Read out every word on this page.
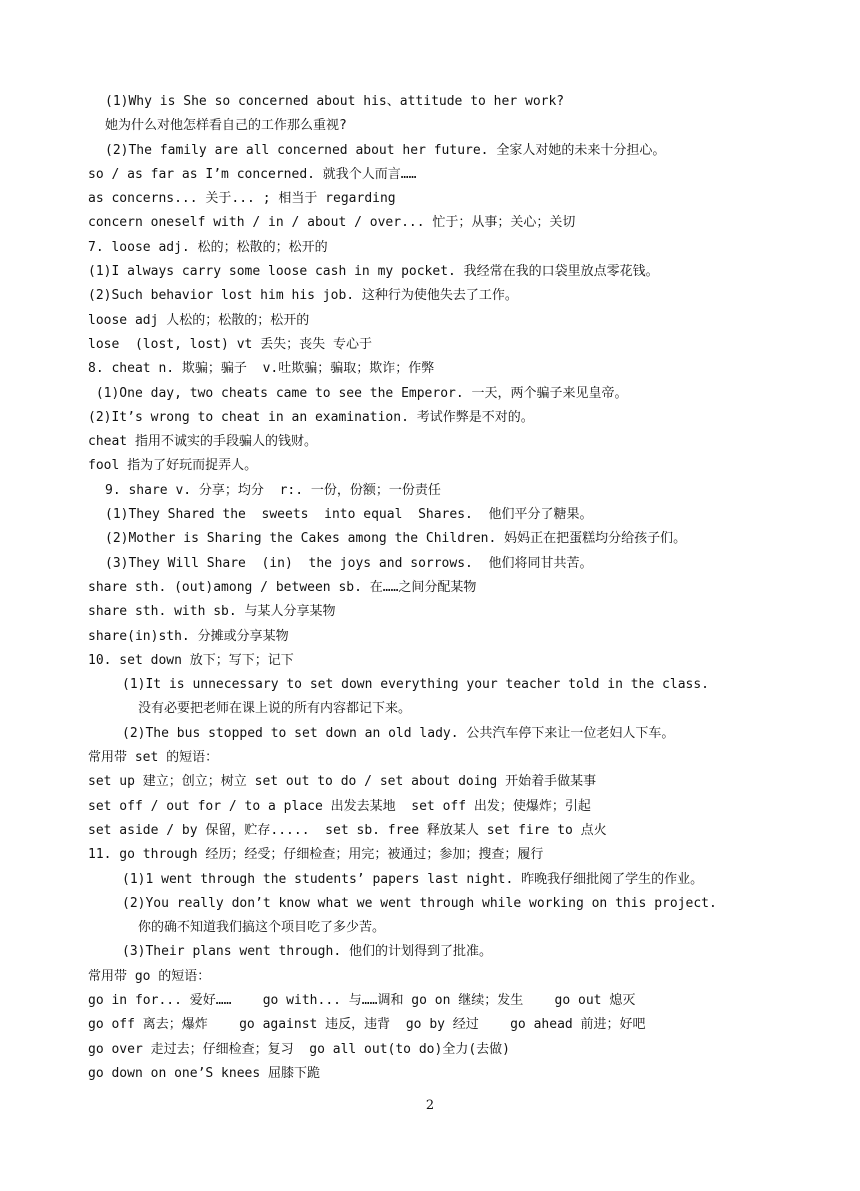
(1)Why is She so concerned about his、attitude to her work?
她为什么对他怎样看自己的工作那么重视?
(2)The family are all concerned about her future. 全家人对她的未来十分担心。
so / as far as I’m concerned. 就我个人而言……
as concerns... 关于... ; 相当于 regarding
concern oneself with / in / about / over... 忙于；从事；关心；关切
7. loose adj. 松的；松散的；松开的
(1)I always carry some loose cash in my pocket. 我经常在我的口袋里放点零花钱。
(2)Such behavior lost him his job. 这种行为使他失去了工作。
loose adj 人松的；松散的；松开的
lose  (lost, lost) vt 丢失；丧失 专心于
8. cheat n. 欺骗；骗子  v.吐欺骗；骗取；欺诈；作弊
(1)One day, two cheats came to see the Emperor. 一天，两个骗子来见皇帝。
(2)It’s wrong to cheat in an examination. 考试作弊是不对的。
cheat 指用不诚实的手段骗人的钱财。
fool 指为了好玩而捉弄人。
9. share v. 分享；均分  r:. 一份，份额；一份责任
(1)They Shared the  sweets  into equal  Shares.  他们平分了糖果。
(2)Mother is Sharing the Cakes among the Children. 妈妈正在把蛋糕均分给孩子们。
(3)They Will Share  (in)  the joys and sorrows.  他们将同甘共苦。
share sth. (out)among / between sb. 在……之间分配某物
share sth. with sb. 与某人分享某物
share(in)sth. 分摊或分享某物
10. set down 放下；写下；记下
(1)It is unnecessary to set down everything your teacher told in the class.
没有必要把老师在课上说的所有内容都记下来。
(2)The bus stopped to set down an old lady. 公共汽车停下来让一位老妇人下车。
常用带 set 的短语：
set up 建立；创立；树立 set out to do / set about doing 开始着手做某事
set off / out for / to a place 出发去某地  set off 出发；使爆炸；引起
set aside / by 保留，贮存.....  set sb. free 释放某人 set fire to 点火
11. go through 经历；经受；仔细检查；用完；被通过；参加；搜查；履行
(1)1 went through the students’ papers last night. 昨晚我仔细批阅了学生的作业。
(2)You really don’t know what we went through while working on this project.
你的确不知道我们搞这个项目吃了多少苦。
(3)Their plans went through. 他们的计划得到了批准。
常用带 go 的短语：
go in for... 爱好……    go with... 与……调和 go on 继续；发生    go out 熄灭
go off 离去；爆炸    go against 违反，违背  go by 经过    go ahead 前进；好吧
go over 走过去；仔细检查；复习  go all out(to do)全力(去做)
go down on one’S knees 屈膝下跪
2
